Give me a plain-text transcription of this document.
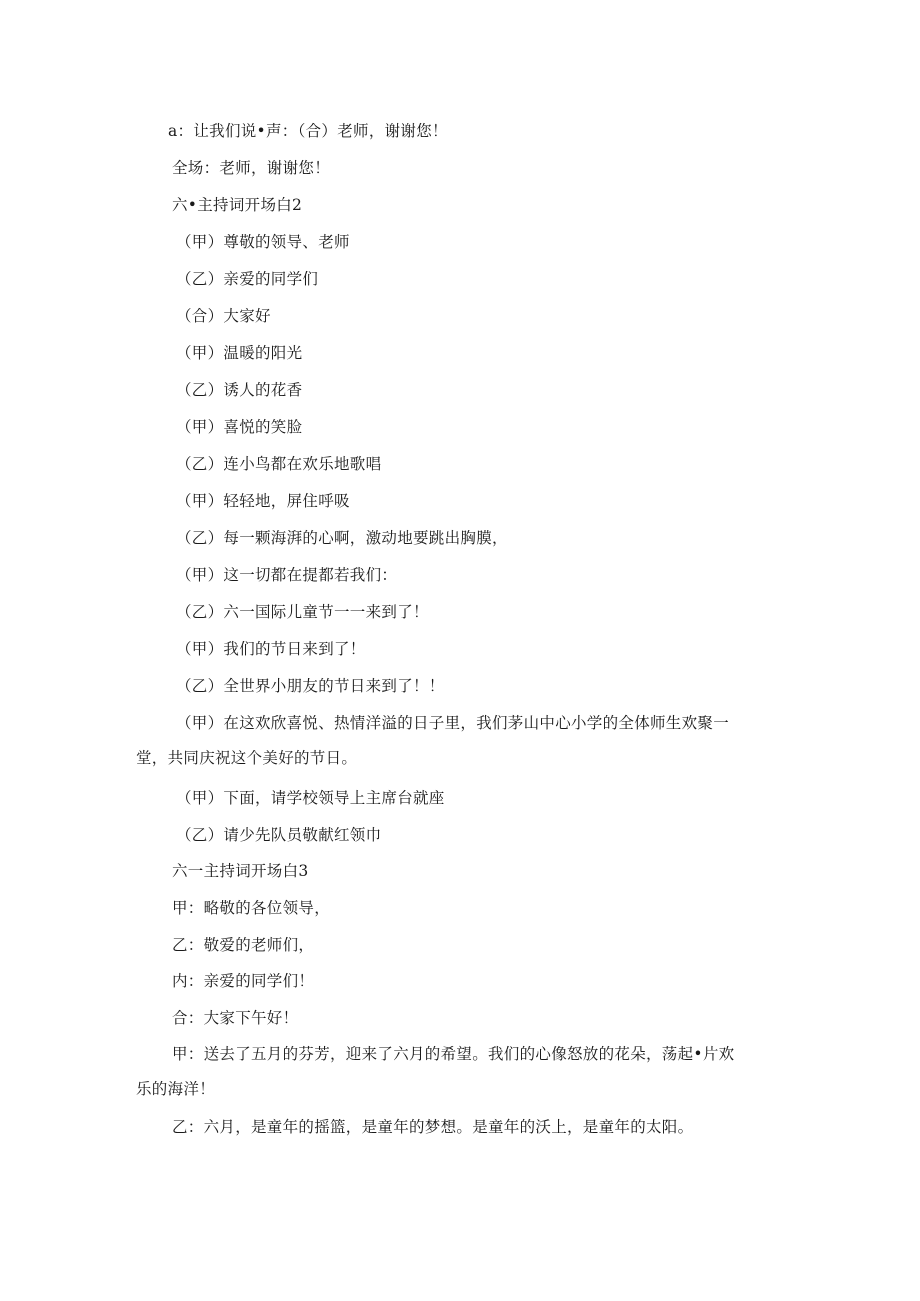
a：让我们说•声：（合）老师，谢谢您！
全场：老师，谢谢您！
六•主持词开场白2
（甲）尊敬的领导、老师
（乙）亲爱的同学们
（合）大家好
（甲）温暖的阳光
（乙）诱人的花香
（甲）喜悦的笑脸
（乙）连小鸟都在欢乐地歌唱
（甲）轻轻地，屏住呼吸
（乙）每一颗海湃的心啊，激动地要跳出胸膜，
（甲）这一切都在提都若我们：
（乙）六一国际儿童节一一来到了！
（甲）我们的节日来到了！
（乙）全世界小朋友的节日来到了！！
（甲）在这欢欣喜悦、热情洋溢的日子里，我们茅山中心小学的全体师生欢聚一
堂，共同庆祝这个美好的节日。
（甲）下面，请学校领导上主席台就座
（乙）请少先队员敬献红领巾
六一主持词开场白3
甲：略敬的各位领导，
乙：敬爱的老师们，
内：亲爱的同学们！
合：大家下午好！
甲：送去了五月的芬芳，迎来了六月的希望。我们的心像怒放的花朵，荡起•片欢
乐的海洋！
乙：六月，是童年的摇篮，是童年的梦想。是童年的沃上，是童年的太阳。
